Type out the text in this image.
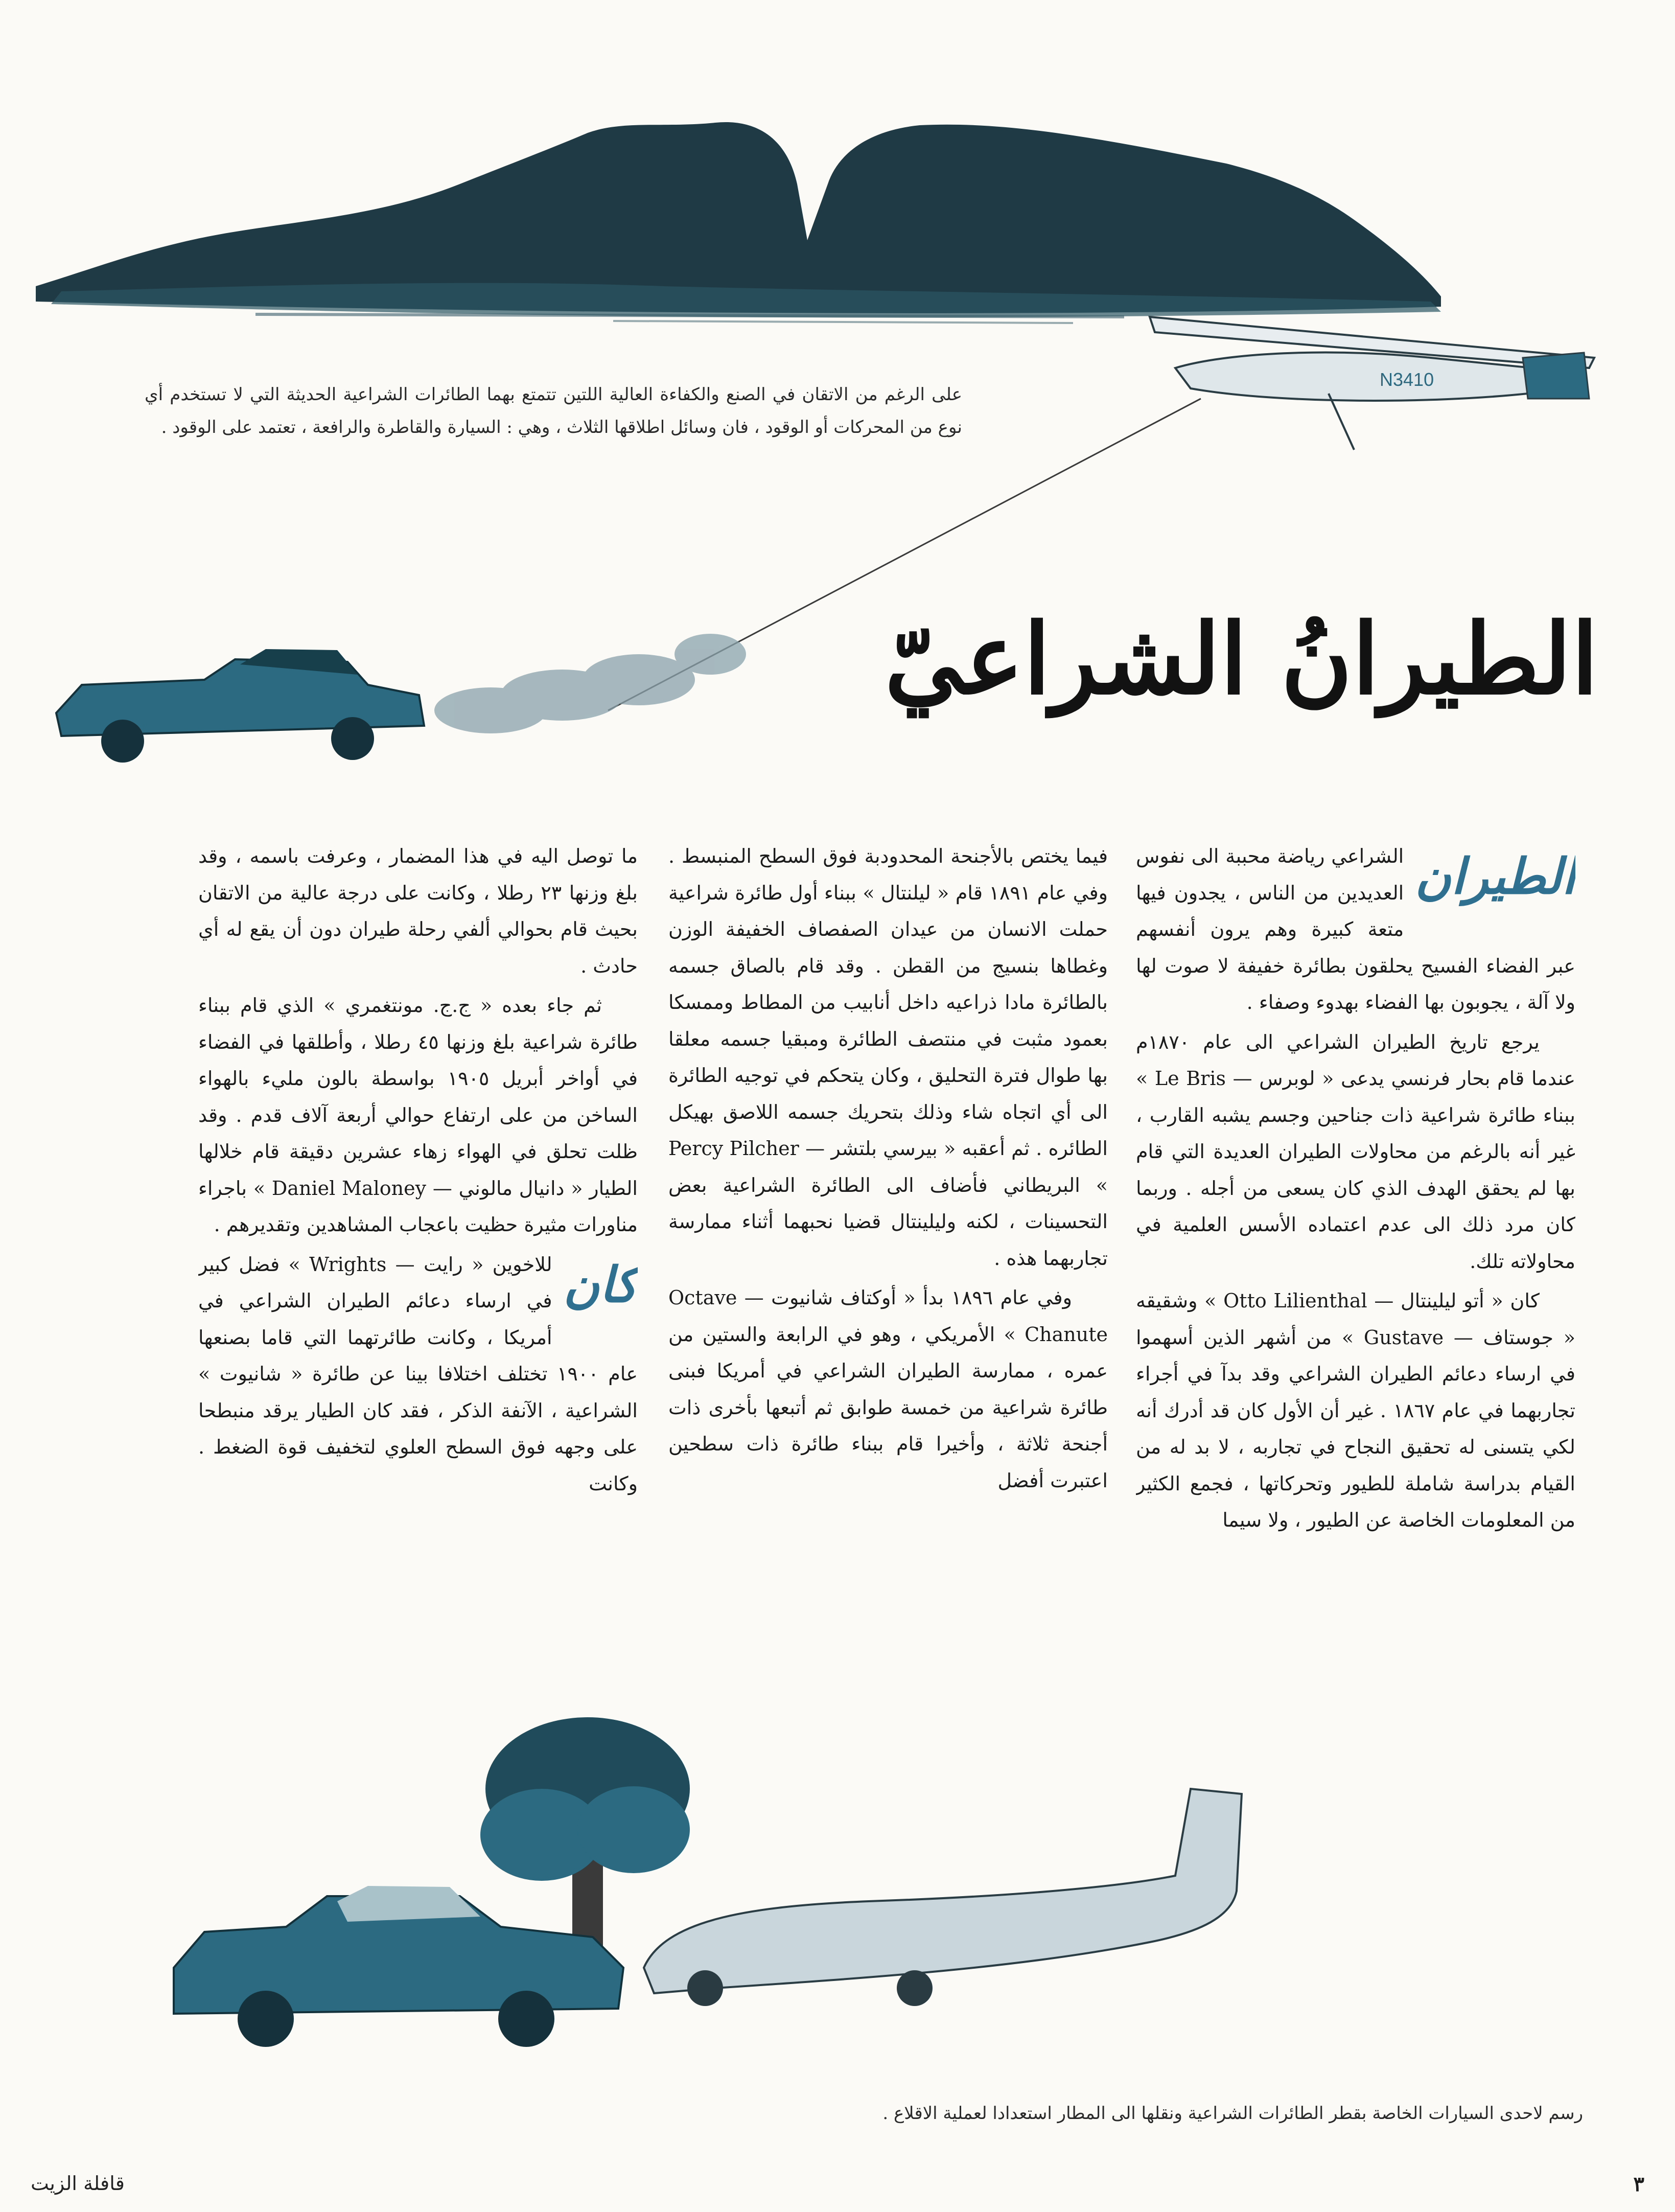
N3410
على الرغم من الاتقان في الصنع والكفاءة العالية اللتين تتمتع بهما الطائرات الشراعية الحديثة التي لا تستخدم أي نوع من المحركات أو الوقود ، فان وسائل اطلاقها الثلاث ، وهي : السيارة والقاطرة والرافعة ، تعتمد على الوقود .
الطيرانُ الشراعيّ
الطيران

الشراعي رياضة محببة الى نفوس العديدين من الناس ، يجدون فيها متعة كبيرة وهم يرون أنفسهم عبر الفضاء الفسيح يحلقون بطائرة خفيفة لا صوت لها ولا آلة ، يجوبون بها الفضاء بهدوء وصفاء .

يرجع تاريخ الطيران الشراعي الى عام ١٨٧٠م عندما قام بحار فرنسي يدعى « لوبرس — Le Bris » ببناء طائرة شراعية ذات جناحين وجسم يشبه القارب ، غير أنه بالرغم من محاولات الطيران العديدة التي قام بها لم يحقق الهدف الذي كان يسعى من أجله . وربما كان مرد ذلك الى عدم اعتماده الأسس العلمية في محاولاته تلك.

كان « أتو ليلينتال — Otto Lilienthal » وشقيقه « جوستاف — Gustave » من أشهر الذين أسهموا في ارساء دعائم الطيران الشراعي وقد بدآ في أجراء تجاربهما في عام ١٨٦٧ . غير أن الأول كان قد أدرك أنه لكي يتسنى له تحقيق النجاح في تجاربه ، لا بد له من القيام بدراسة شاملة للطيور وتحركاتها ، فجمع الكثير من المعلومات الخاصة عن الطيور ، ولا سيما

فيما يختص بالأجنحة المحدودبة فوق السطح المنبسط . وفي عام ١٨٩١ قام « ليلنتال » ببناء أول طائرة شراعية حملت الانسان من عيدان الصفصاف الخفيفة الوزن وغطاها بنسيج من القطن . وقد قام بالصاق جسمه بالطائرة مادا ذراعيه داخل أنابيب من المطاط وممسكا بعمود مثبت في منتصف الطائرة ومبقيا جسمه معلقا بها طوال فترة التحليق ، وكان يتحكم في توجيه الطائرة الى أي اتجاه شاء وذلك بتحريك جسمه اللاصق بهيكل الطائره . ثم أعقبه « بيرسي بلتشر — Percy Pilcher » البريطاني فأضاف الى الطائرة الشراعية بعض التحسينات ، لكنه وليلينتال قضيا نحبهما أثناء ممارسة تجاربهما هذه .

وفي عام ١٨٩٦ بدأ « أوكتاف شانيوت — Octave Chanute » الأمريكي ، وهو في الرابعة والستين من عمره ، ممارسة الطيران الشراعي في أمريكا فبنى طائرة شراعية من خمسة طوابق ثم أتبعها بأخرى ذات أجنحة ثلاثة ، وأخيرا قام ببناء طائرة ذات سطحين اعتبرت أفضل

ما توصل اليه في هذا المضمار ، وعرفت باسمه ، وقد بلغ وزنها ٢٣ رطلا ، وكانت على درجة عالية من الاتقان بحيث قام بحوالي ألفي رحلة طيران دون أن يقع له أي حادث .

ثم جاء بعده « ج.ج. مونتغمري » الذي قام ببناء طائرة شراعية بلغ وزنها ٤٥ رطلا ، وأطلقها في الفضاء في أواخر أبريل ١٩٠٥ بواسطة بالون مليء بالهواء الساخن من على ارتفاع حوالي أربعة آلاف قدم . وقد ظلت تحلق في الهواء زهاء عشرين دقيقة قام خلالها الطيار « دانيال مالوني — Daniel Maloney » باجراء مناورات مثيرة حظيت باعجاب المشاهدين وتقديرهم .

كان

للاخوين « رايت — Wrights » فضل كبير في ارساء دعائم الطيران الشراعي في أمريكا ، وكانت طائرتهما التي قاما بصنعها عام ١٩٠٠ تختلف اختلافا بينا عن طائرة « شانيوت » الشراعية ، الآنفة الذكر ، فقد كان الطيار يرقد منبطحا على وجهه فوق السطح العلوي لتخفيف قوة الضغط . وكانت

رسم لاحدى السيارات الخاصة بقطر الطائرات الشراعية ونقلها الى المطار استعدادا لعملية الاقلاع .
٣
قافلة الزيت
